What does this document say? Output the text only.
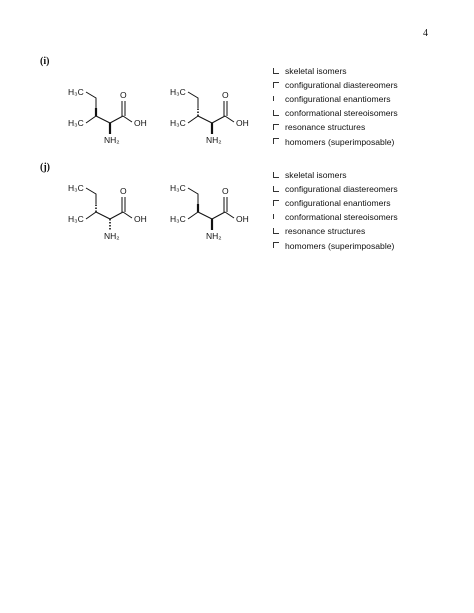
4
(i)
H₃C
H₃C
O
OH
NH₂
H₃C
H₃C
O
OH
NH₂
skeletal isomers
configurational diastereomers
configurational enantiomers
conformational stereoisomers
resonance structures
homomers (superimposable)
(j)
H₃C
H₃C
O
OH
NH₂
H₃C
H₃C
O
OH
NH₂
skeletal isomers
configurational diastereomers
configurational enantiomers
conformational stereoisomers
resonance structures
homomers (superimposable)
